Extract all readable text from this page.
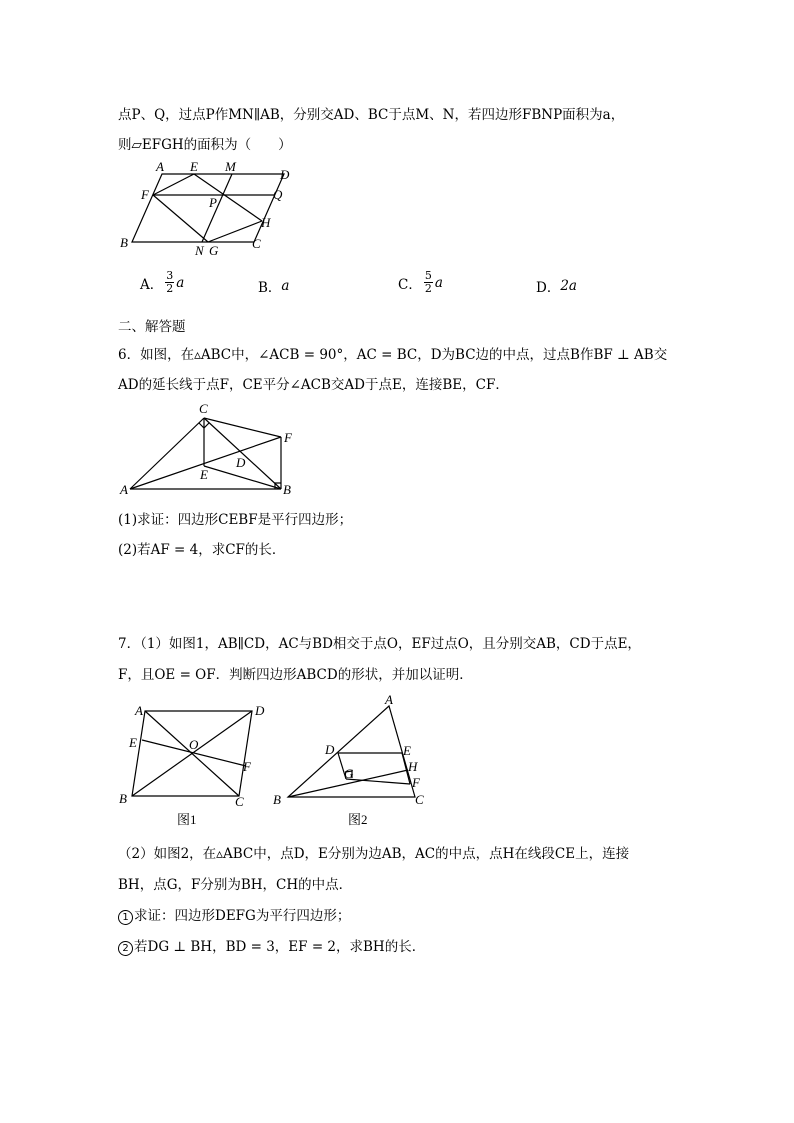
点P、Q，过点P作MN∥AB，分别交AD、BC于点M、N，若四边形FBNP面积为a，
则▱EFGH的面积为（　　）
A E M
D
F
P
Q
H
B
N G	C
A． $\frac{3}{2}$ a	B． a	C． $\frac{5}{2}$ a	D． 2a
二、解答题
6．如图，在▵ABC中，∠ACB = 90°，AC = BC，D为BC边的中点，过点B作BF ⊥ AB交
AD的延长线于点F，CE平分∠ACB交AD于点E，连接BE，CF．
C
F
D
E
A	B
(1)求证：四边形CEBF是平行四边形；
(2)若AF = 4，求CF的长．
7．（1）如图1，AB∥CD，AC与BD相交于点O，EF过点O，且分别交AB，CD于点E，
F，且OE = OF．判断四边形ABCD的形状，并加以证明．
A	D
E	O
F
B	C
图1
A
D	E
H
G
F
B	C
图2
（2）如图2，在▵ABC中，点D，E分别为边AB，AC的中点，点H在线段CE上，连接
BH，点G，F分别为BH，CH的中点．
1 求证：四边形DEFG为平行四边形；
2 若DG ⊥ BH，BD = 3，EF = 2，求BH的长．
